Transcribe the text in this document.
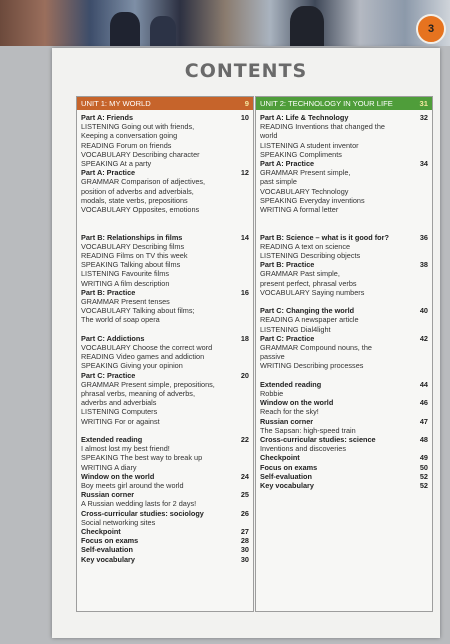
3
CONTENTS
UNIT 1: MY WORLD	9
Part A: Friends	10
LISTENING Going out with friends,
Keeping a conversation going
READING Forum on friends
VOCABULARY Describing character
SPEAKING At a party
Part A: Practice	12
GRAMMAR Comparison of adjectives,
position of adverbs and adverbials,
modals, state verbs, prepositions
VOCABULARY Opposites, emotions
Part B: Relationships in films	14
VOCABULARY Describing films
READING Films on TV this week
SPEAKING Talking about films
LISTENING Favourite films
WRITING A film description
Part B: Practice	16
GRAMMAR Present tenses
VOCABULARY Talking about films;
The world of soap opera
Part C: Addictions	18
VOCABULARY Choose the correct word
READING Video games and addiction
SPEAKING Giving your opinion
Part C: Practice	20
GRAMMAR Present simple, prepositions,
phrasal verbs, meaning of adverbs,
adverbs and adverbials
LISTENING Computers
WRITING For or against
Extended reading	22
I almost lost my best friend!
SPEAKING The best way to break up
WRITING A diary
Window on the world	24
Boy meets girl around the world
Russian corner	25
A Russian wedding lasts for 2 days!
Cross-curricular studies: sociology	26
Social networking sites
Checkpoint	27
Focus on exams	28
Self-evaluation	30
Key vocabulary	30
UNIT 2: TECHNOLOGY IN YOUR LIFE	31
Part A: Life & Technology	32
READING Inventions that changed the
world
LISTENING A student inventor
SPEAKING Compliments
Part A: Practice	34
GRAMMAR Present simple,
past simple
VOCABULARY Technology
SPEAKING Everyday inventions
WRITING A formal letter
Part B: Science – what is it good for?	36
READING A text on science
LISTENING Describing objects
Part B: Practice	38
GRAMMAR Past simple,
present perfect, phrasal verbs
VOCABULARY Saying numbers
Part C: Changing the world	40
READING A newspaper article
LISTENING Dial4light
Part C: Practice	42
GRAMMAR Compound nouns, the
passive
WRITING Describing processes
Extended reading	44
Robbie
Window on the world	46
Reach for the sky!
Russian corner	47
The Sapsan: high-speed train
Cross-curricular studies: science	48
Inventions and discoveries
Checkpoint	49
Focus on exams	50
Self-evaluation	52
Key vocabulary	52
